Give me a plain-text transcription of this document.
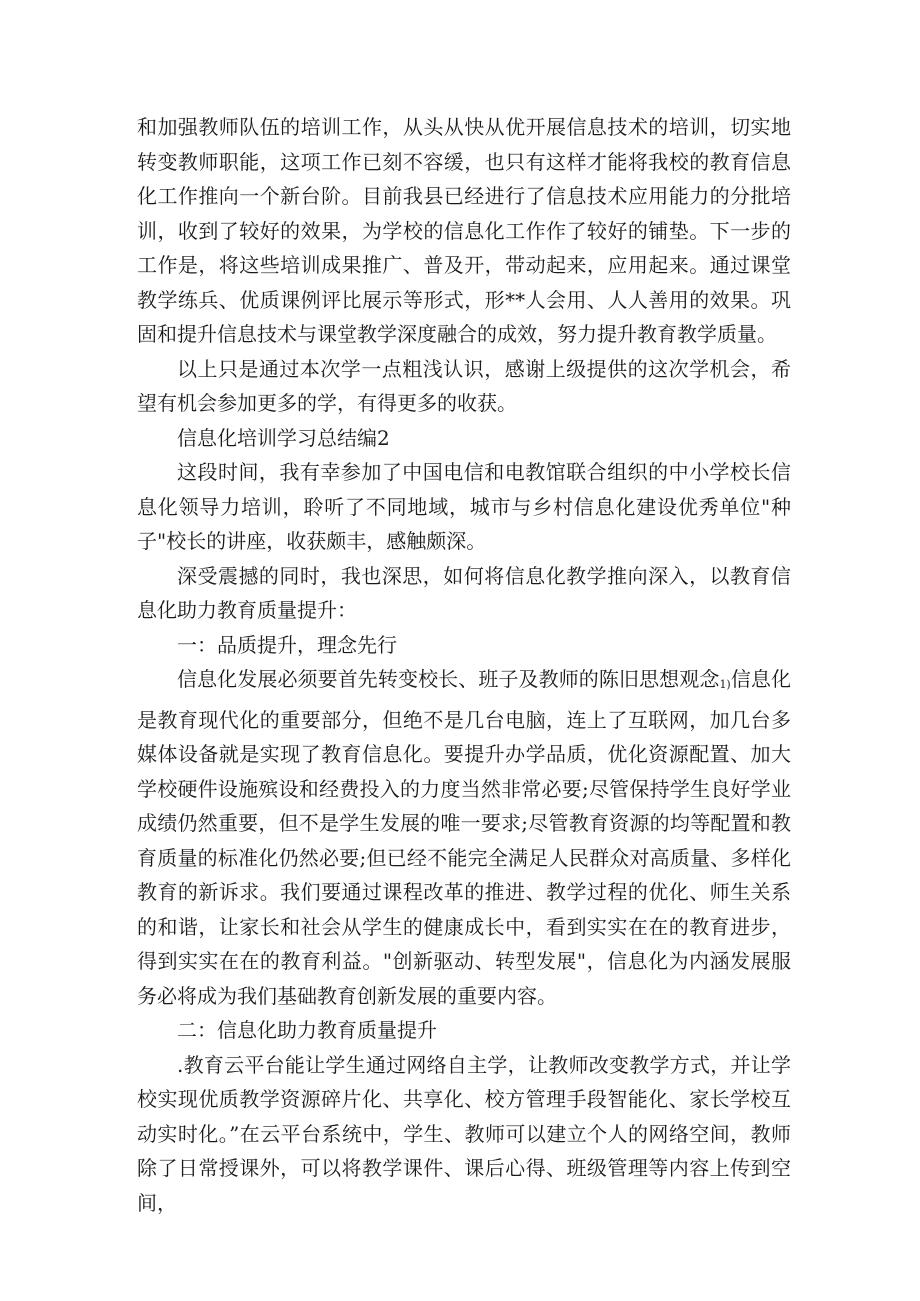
和加强教师队伍的培训工作，从头从快从优开展信息技术的培训，切实地转变教师职能，这项工作已刻不容缓，也只有这样才能将我校的教育信息化工作推向一个新台阶。目前我县已经进行了信息技术应用能力的分批培训，收到了较好的效果，为学校的信息化工作作了较好的铺垫。下一步的工作是，将这些培训成果推广、普及开，带动起来，应用起来。通过课堂教学练兵、优质课例评比展示等形式，形**人会用、人人善用的效果。巩固和提升信息技术与课堂教学深度融合的成效，努力提升教育教学质量。

以上只是通过本次学一点粗浅认识，感谢上级提供的这次学机会，希望有机会参加更多的学，有得更多的收获。

信息化培训学习总结编2

这段时间，我有幸参加了中国电信和电教馆联合组织的中小学校长信息化领导力培训，聆听了不同地域，城市与乡村信息化建设优秀单位"种子"校长的讲座，收获颇丰，感触颇深。

深受震撼的同时，我也深思，如何将信息化教学推向深入，以教育信息化助力教育质量提升：

一：品质提升，理念先行

信息化发展必须要首先转变校长、班子及教师的陈旧思想观念1)信息化是教育现代化的重要部分，但绝不是几台电脑，连上了互联网，加几台多媒体设备就是实现了教育信息化。要提升办学品质，优化资源配置、加大学校硬件设施殡设和经费投入的力度当然非常必要;尽管保持学生良好学业成绩仍然重要，但不是学生发展的唯一要求;尽管教育资源的均等配置和教育质量的标准化仍然必要;但已经不能完全满足人民群众对高质量、多样化教育的新诉求。我们要通过课程改革的推进、教学过程的优化、师生关系的和谐，让家长和社会从学生的健康成长中，看到实实在在的教育进步，得到实实在在的教育利益。"创新驱动、转型发展"，信息化为内涵发展服务必将成为我们基础教育创新发展的重要内容。

二：信息化助力教育质量提升

.教育云平台能让学生通过网络自主学，让教师改变教学方式，并让学校实现优质教学资源碎片化、共享化、校方管理手段智能化、家长学校互动实时化。”在云平台系统中，学生、教师可以建立个人的网络空间，教师除了日常授课外，可以将教学课件、课后心得、班级管理等内容上传到空间，
